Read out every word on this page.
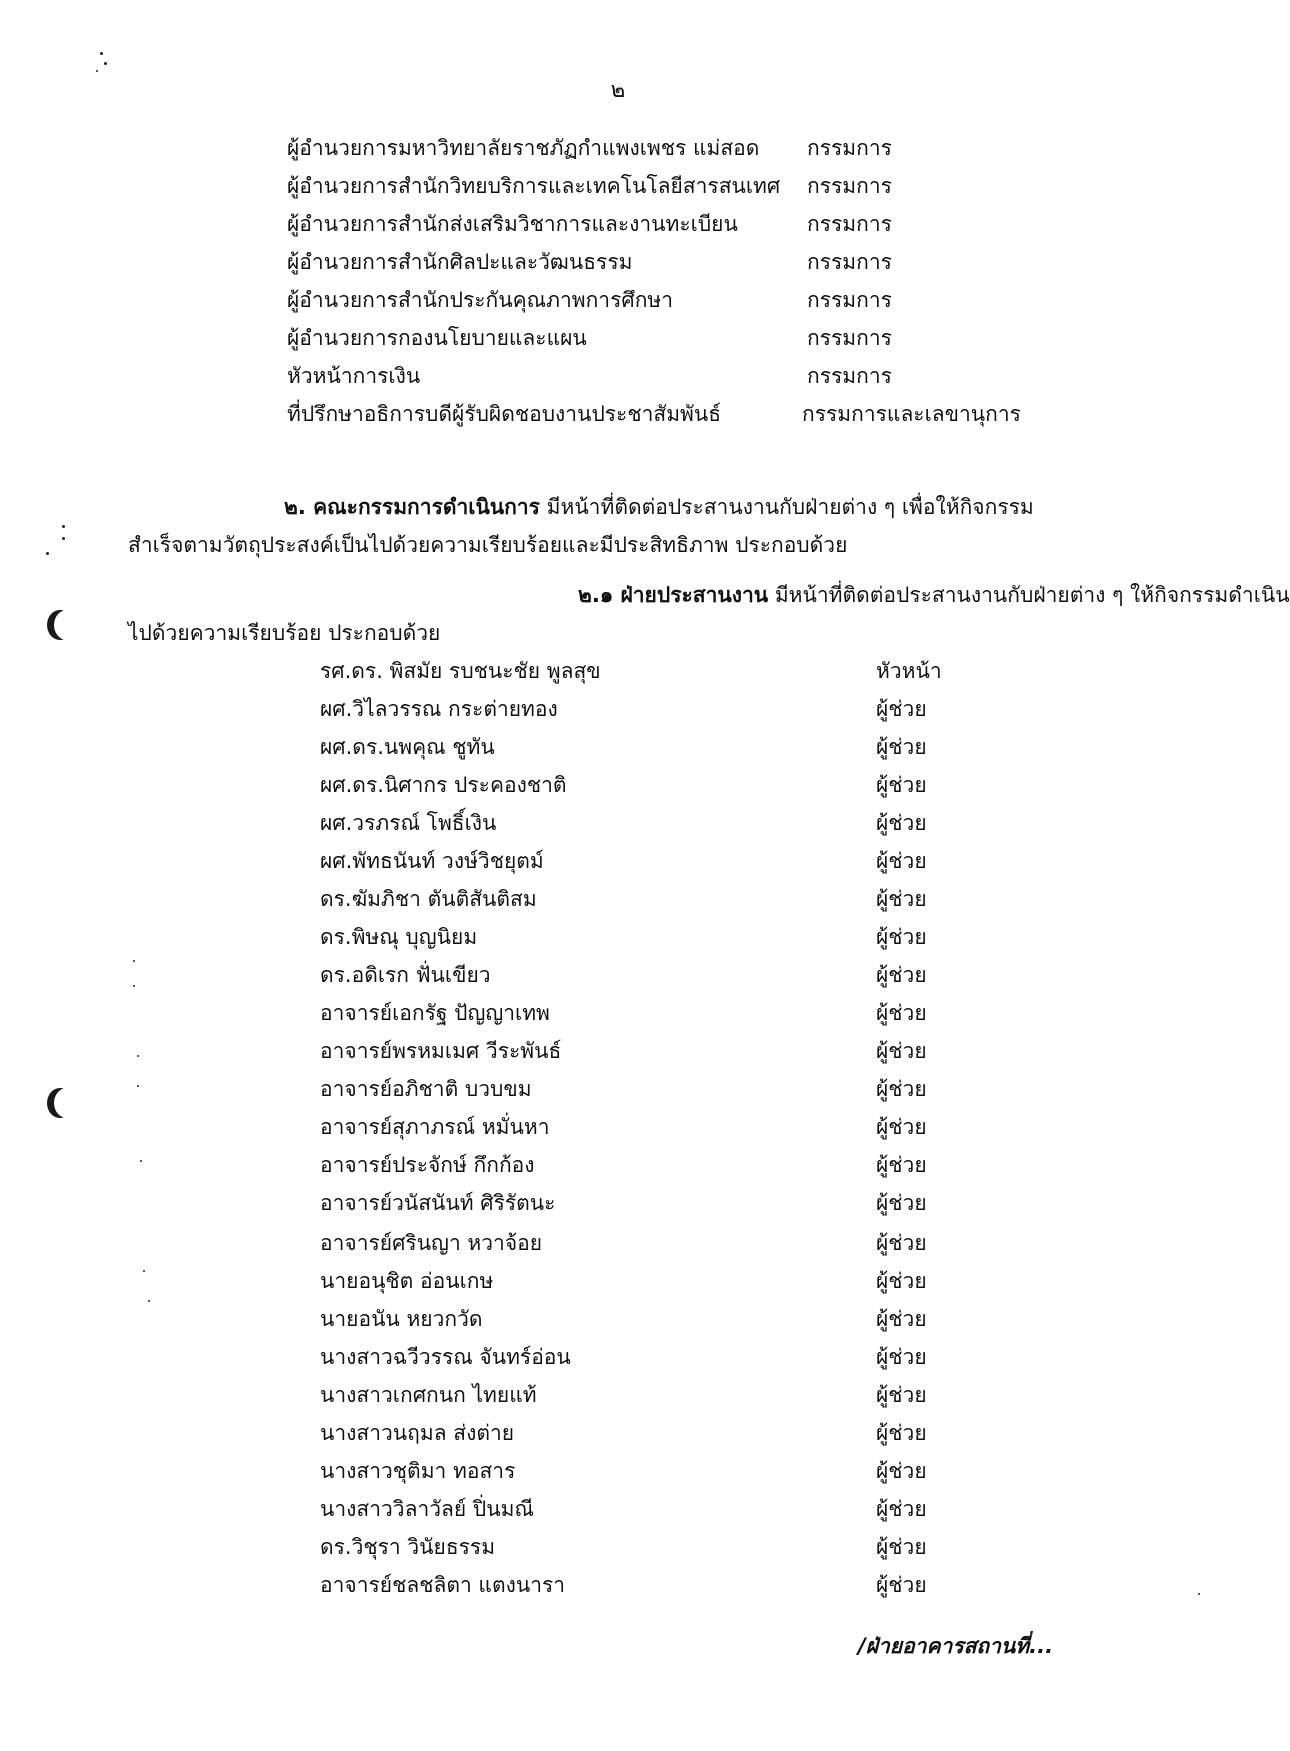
๒
ผู้อำนวยการมหาวิทยาลัยราชภัฏกำแพงเพชร แม่สอด กรรมการ
ผู้อำนวยการสำนักวิทยบริการและเทคโนโลยีสารสนเทศ กรรมการ
ผู้อำนวยการสำนักส่งเสริมวิชาการและงานทะเบียน	กรรมการ
ผู้อำนวยการสำนักศิลปะและวัฒนธรรม	กรรมการ
ผู้อำนวยการสำนักประกันคุณภาพการศึกษา	กรรมการ
ผู้อำนวยการกองนโยบายและแผน	กรรมการ
หัวหน้าการเงิน	กรรมการ
ที่ปรึกษาอธิการบดีผู้รับผิดชอบงานประชาสัมพันธ์	กรรมการและเลขานุการ
๒. คณะกรรมการดำเนินการ มีหน้าที่ติดต่อประสานงานกับฝ่ายต่าง ๆ เพื่อให้กิจกรรม
สำเร็จตามวัตถุประสงค์เป็นไปด้วยความเรียบร้อยและมีประสิทธิภาพ ประกอบด้วย
๒.๑ ฝ่ายประสานงาน มีหน้าที่ติดต่อประสานงานกับฝ่ายต่าง ๆ ให้กิจกรรมดำเนิน
ไปด้วยความเรียบร้อย ประกอบด้วย
รศ.ดร. พิสมัย รบชนะชัย พูลสุข	หัวหน้า
ผศ.วิไลวรรณ กระต่ายทอง	ผู้ช่วย
ผศ.ดร.นพคุณ ชูทัน	ผู้ช่วย
ผศ.ดร.นิศากร ประคองชาติ	ผู้ช่วย
ผศ.วรภรณ์ โพธิ์เงิน	ผู้ช่วย
ผศ.พัทธนันท์ วงษ์วิชยุตม์	ผู้ช่วย
ดร.ฆัมภิชา ตันติสันติสม	ผู้ช่วย
ดร.พิษณุ บุญนิยม	ผู้ช่วย
ดร.อดิเรก ฟั่นเขียว	ผู้ช่วย
อาจารย์เอกรัฐ ปัญญาเทพ	ผู้ช่วย
อาจารย์พรหมเมศ วีระพันธ์	ผู้ช่วย
อาจารย์อภิชาติ บวบขม	ผู้ช่วย
อาจารย์สุภาภรณ์ หมั่นหา	ผู้ช่วย
อาจารย์ประจักษ์ กึกก้อง	ผู้ช่วย
อาจารย์วนัสนันท์ ศิริรัตนะ	ผู้ช่วย
อาจารย์ศรินญา หวาจ้อย	ผู้ช่วย
นายอนุชิต อ่อนเกษ	ผู้ช่วย
นายอนัน หยวกวัด	ผู้ช่วย
นางสาวฉวีวรรณ จันทร์อ่อน	ผู้ช่วย
นางสาวเกศกนก ไทยแท้	ผู้ช่วย
นางสาวนฤมล ส่งต่าย	ผู้ช่วย
นางสาวชุติมา ทอสาร	ผู้ช่วย
นางสาววิลาวัลย์ ปิ่นมณี	ผู้ช่วย
ดร.วิชุรา วินัยธรรม	ผู้ช่วย
อาจารย์ชลชลิตา แตงนารา	ผู้ช่วย
/ฝ่ายอาคารสถานที่...
